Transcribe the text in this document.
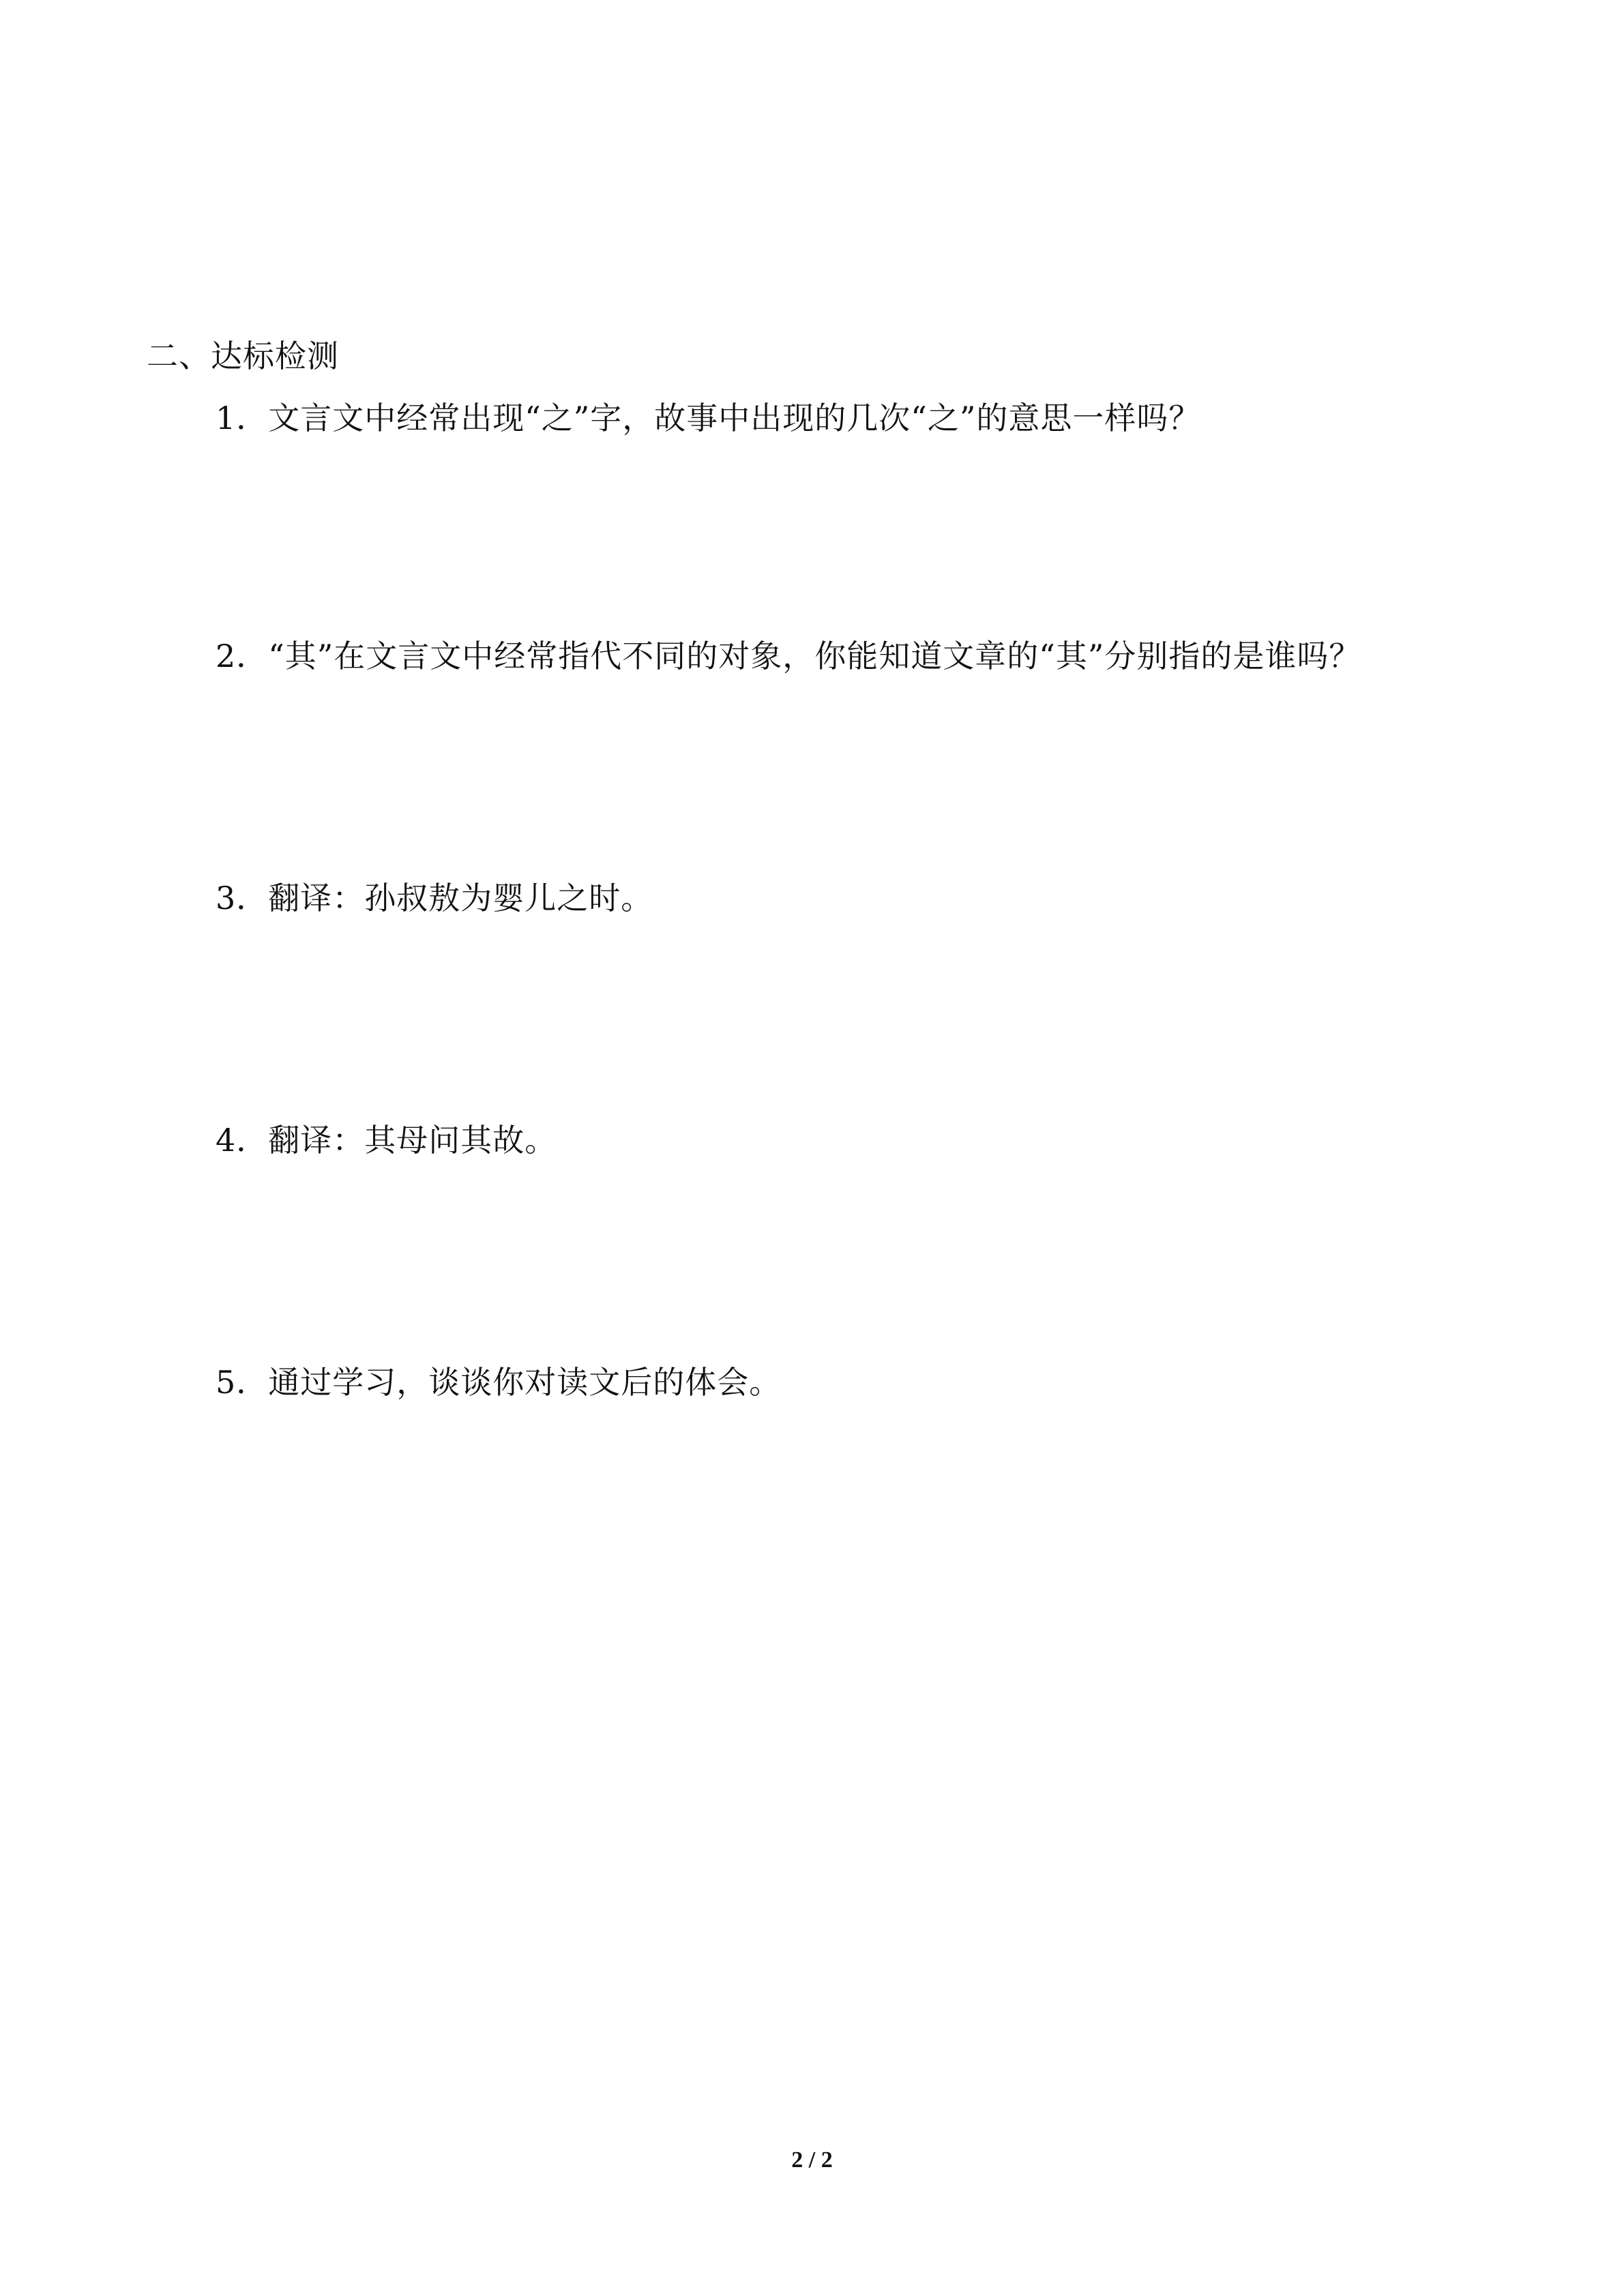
二、达标检测
1．文言文中经常出现“之”字，故事中出现的几次“之”的意思一样吗？
2．“其”在文言文中经常指代不同的对象，你能知道文章的“其”分别指的是谁吗？
3．翻译：孙叔敖为婴儿之时。
4．翻译：其母问其故。
5．通过学习，谈谈你对读文后的体会。
2 / 2
